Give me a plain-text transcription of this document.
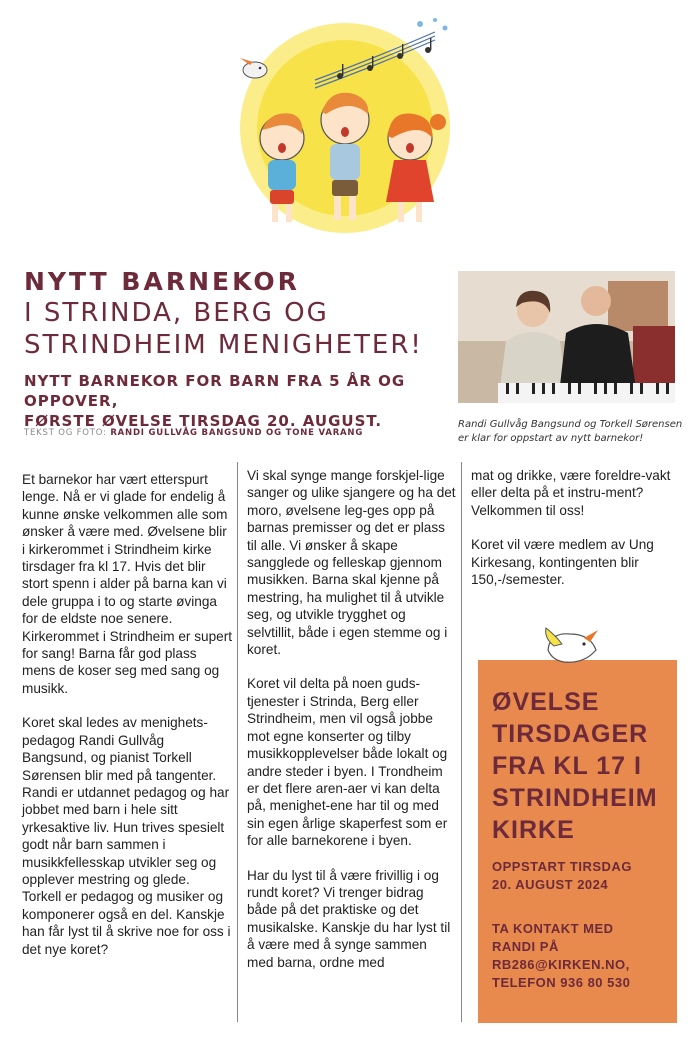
NYTT BARNEKOR
I STRINDA, BERG OG
STRINDHEIM MENIGHETER!
NYTT BARNEKOR FOR BARN FRA 5 ÅR OG OPPOVER,
FØRSTE ØVELSE TIRSDAG 20. AUGUST.
TEKST OG FOTO: RANDI GULLVÅG BANGSUND OG TONE VARANG
Randi Gullvåg Bangsund og Torkell Sørensen
er klar for oppstart av nytt barnekor!

Et barnekor har vært etterspurt lenge. Nå er vi glade for endelig å kunne ønske velkommen alle som ønsker å være med. Øvelsene blir i kirkerommet i Strindheim kirke tirsdager fra kl 17. Hvis det blir stort spenn i alder på barna kan vi dele gruppa i to og starte øvinga for de eldste noe senere. Kirkerommet i Strindheim er supert for sang! Barna får god plass mens de koser seg med sang og musikk.

Koret skal ledes av menighets-pedagog Randi Gullvåg Bangsund, og pianist Torkell Sørensen blir med på tangenter. Randi er utdannet pedagog og har jobbet med barn i hele sitt yrkesaktive liv. Hun trives spesielt godt når barn sammen i musikkfellesskap utvikler seg og opplever mestring og glede. Torkell er pedagog og musiker og komponerer også en del. Kanskje han får lyst til å skrive noe for oss i det nye koret?

Vi skal synge mange forskjel-lige sanger og ulike sjangere og ha det moro, øvelsene leg-ges opp på barnas premisser og det er plass til alle. Vi ønsker å skape sangglede og felleskap gjennom musikken. Barna skal kjenne på mestring, ha mulighet til å utvikle seg, og utvikle trygghet og selvtillit, både i egen stemme og i koret.

Koret vil delta på noen guds-tjenester i Strinda, Berg eller Strindheim, men vil også jobbe mot egne konserter og tilby musikkopplevelser både lokalt og andre steder i byen. I Trondheim er det flere aren-aer vi kan delta på, menighet-ene har til og med sin egen årlige skaperfest som er for alle barnekorene i byen.

Har du lyst til å være frivillig i og rundt koret? Vi trenger bidrag både på det praktiske og det musikalske. Kanskje du har lyst til å være med å synge sammen med barna, ordne med

mat og drikke, være foreldre-vakt eller delta på et instru-ment? Velkommen til oss!

Koret vil være medlem av Ung Kirkesang, kontingenten blir 150,-/semester.

ØVELSE
TIRSDAGER
FRA KL 17 I
STRINDHEIM
KIRKE
OPPSTART TIRSDAG
20. AUGUST 2024
TA KONTAKT MED
RANDI PÅ
RB286@KIRKEN.NO,
TELEFON 936 80 530
